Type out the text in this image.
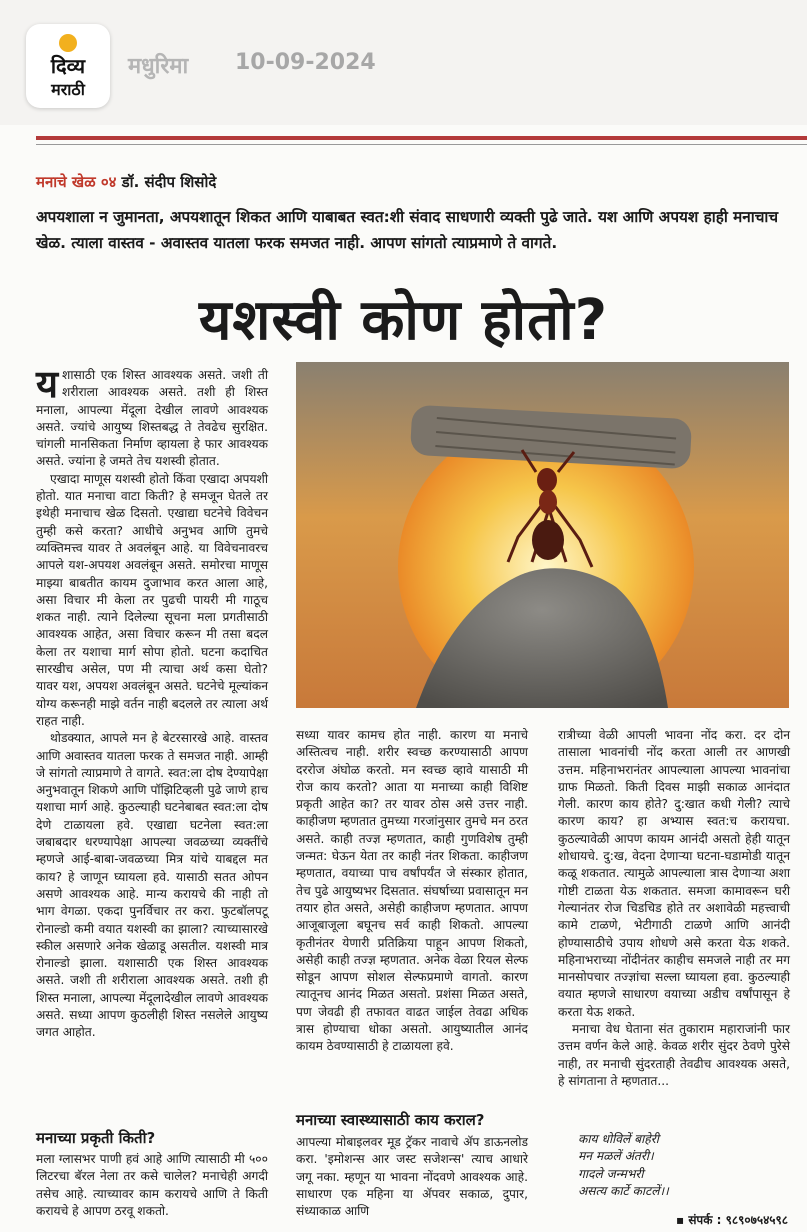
दिव्य
मराठी
मधुरिमा 10-09-2024
मनाचे खेळ ०४ डॉ. संदीप शिसोदे
अपयशाला न जुमानता, अपयशातून शिकत आणि याबाबत स्वत:शी संवाद साधणारी व्यक्ती पुढे जाते. यश आणि अपयश हाही मनाचाच खेळ. त्याला वास्तव - अवास्तव यातला फरक समजत नाही. आपण सांगतो त्याप्रमाणे ते वागते.
यशस्वी कोण होतो?

यशासाठी एक शिस्त आवश्यक असते. जशी ती शरीराला आवश्यक असते. तशी ही शिस्त मनाला, आपल्या मेंदूला देखील लावणे आवश्यक असते. ज्यांचे आयुष्य शिस्तबद्ध ते तेवढेच सुरक्षित. चांगली मानसिकता निर्माण व्हायला हे फार आवश्यक असते. ज्यांना हे जमते तेच यशस्वी होतात.

एखादा माणूस यशस्वी होतो किंवा एखादा अपयशी होतो. यात मनाचा वाटा किती? हे समजून घेतले तर इथेही मनाचाच खेळ दिसतो. एखाद्या घटनेचे विवेचन तुम्ही कसे करता? आधीचे अनुभव आणि तुमचे व्यक्तिमत्त्व यावर ते अवलंबून आहे. या विवेचनावरच आपले यश-अपयश अवलंबून असते. समोरचा माणूस माझ्या बाबतीत कायम दुजाभाव करत आला आहे, असा विचार मी केला तर पुढची पायरी मी गाठूच शकत नाही. त्याने दिलेल्या सूचना मला प्रगतीसाठी आवश्यक आहेत, असा विचार करून मी तसा बदल केला तर यशाचा मार्ग सोपा होतो. घटना कदाचित सारखीच असेल, पण मी त्याचा अर्थ कसा घेतो? यावर यश, अपयश अवलंबून असते. घटनेचे मूल्यांकन योग्य करूनही माझे वर्तन नाही बदलले तर त्याला अर्थ राहत नाही.

थोडक्यात, आपले मन हे बेटरसारखे आहे. वास्तव आणि अवास्तव यातला फरक ते समजत नाही. आम्ही जे सांगतो त्याप्रमाणे ते वागते. स्वत:ला दोष देण्यापेक्षा अनुभवातून शिकणे आणि पॉझिटिव्हली पुढे जाणे हाच यशाचा मार्ग आहे. कुठल्याही घटनेबाबत स्वत:ला दोष देणे टाळायला हवे. एखाद्या घटनेला स्वत:ला जबाबदार धरण्यापेक्षा आपल्या जवळच्या व्यक्तींचे म्हणजे आई-बाबा-जवळच्या मित्र यांचे याबद्दल मत काय? हे जाणून घ्यायला हवे. यासाठी सतत ओपन असणे आवश्यक आहे. मान्य करायचे की नाही तो भाग वेगळा. एकदा पुनर्विचार तर करा. फुटबॉलपटू रोनाल्डो कमी वयात यशस्वी का झाला? त्याच्यासारखे स्कील असणारे अनेक खेळाडू असतील. यशस्वी मात्र रोनाल्डो झाला. यशासाठी एक शिस्त आवश्यक असते. जशी ती शरीराला आवश्यक असते. तशी ही शिस्त मनाला, आपल्या मेंदूलादेखील लावणे आवश्यक असते. सध्या आपण कुठलीही शिस्त नसलेले आयुष्य जगत आहोत.

मनाच्या प्रकृती किती?

मला ग्लासभर पाणी हवं आहे आणि त्यासाठी मी ५०० लिटरचा बॅरल नेला तर कसे चालेल? मनाचेही अगदी तसेच आहे. त्याच्यावर काम करायचे आणि ते किती करायचे हे आपण ठरवू शकतो.

सध्या यावर कामच होत नाही. कारण या मनाचे अस्तित्वच नाही. शरीर स्वच्छ करण्यासाठी आपण दररोज अंघोळ करतो. मन स्वच्छ व्हावे यासाठी मी रोज काय करतो? आता या मनाच्या काही विशिष्ट प्रकृती आहेत का? तर यावर ठोस असे उत्तर नाही. काहीजण म्हणतात तुमच्या गरजांनुसार तुमचे मन ठरत असते. काही तज्ज्ञ म्हणतात, काही गुणविशेष तुम्ही जन्मत: घेऊन येता तर काही नंतर शिकता. काहीजण म्हणतात, वयाच्या पाच वर्षांपर्यंत जे संस्कार होतात, तेच पुढे आयुष्यभर दिसतात. संघर्षाच्या प्रवासातून मन तयार होत असते, असेही काहीजण म्हणतात. आपण आजूबाजूला बघूनच सर्व काही शिकतो. आपल्या कृतीनंतर येणारी प्रतिक्रिया पाहून आपण शिकतो, असेही काही तज्ज्ञ म्हणतात. अनेक वेळा रियल सेल्फ सोडून आपण सोशल सेल्फप्रमाणे वागतो. कारण त्यातूनच आनंद मिळत असतो. प्रशंसा मिळत असते, पण जेवढी ही तफावत वाढत जाईल तेवढा अधिक त्रास होण्याचा धोका असतो. आयुष्यातील आनंद कायम ठेवण्यासाठी हे टाळायला हवे.

मनाच्या स्वास्थ्यासाठी काय कराल?

आपल्या मोबाइलवर मूड ट्रॅकर नावाचे ॲप डाऊनलोड करा. 'इमोशन्स आर जस्ट सजेशन्स' त्याच आधारे जगू नका. म्हणून या भावना नोंदवणे आवश्यक आहे. साधारण एक महिना या ॲपवर सकाळ, दुपार, संध्याकाळ आणि

रात्रीच्या वेळी आपली भावना नोंद करा. दर दोन तासाला भावनांची नोंद करता आली तर आणखी उत्तम. महिनाभरानंतर आपल्याला आपल्या भावनांचा ग्राफ मिळतो. किती दिवस माझी सकाळ आनंदात गेली. कारण काय होते? दु:खात कधी गेली? त्याचे कारण काय? हा अभ्यास स्वत:च करायचा. कुठल्यावेळी आपण कायम आनंदी असतो हेही यातून शोधायचे. दु:ख, वेदना देणाऱ्या घटना-घडामोडी यातून कळू शकतात. त्यामुळे आपल्याला त्रास देणाऱ्या अशा गोष्टी टाळता येऊ शकतात. समजा कामावरून घरी गेल्यानंतर रोज चिडचिड होते तर अशावेळी महत्त्वाची कामे टाळणे, भेटीगाठी टाळणे आणि आनंदी होण्यासाठीचे उपाय शोधणे असे करता येऊ शकते. महिनाभराच्या नोंदीनंतर काहीच समजले नाही तर मग मानसोपचार तज्ज्ञांचा सल्ला घ्यायला हवा. कुठल्याही वयात म्हणजे साधारण वयाच्या अडीच वर्षांपासून हे करता येऊ शकते.

मनाचा वेध घेताना संत तुकाराम महाराजांनी फार उत्तम वर्णन केले आहे. केवळ शरीर सुंदर ठेवणे पुरेसे नाही, तर मनाची सुंदरताही तेवढीच आवश्यक असते, हे सांगताना ते म्हणतात...

काय धोविलें बाहेरी
मन मळलें अंतरी।
गादले जन्मभरी
असत्य कार्टे काटलें।।
▪ संपर्क : ९८९०७५४५९८
